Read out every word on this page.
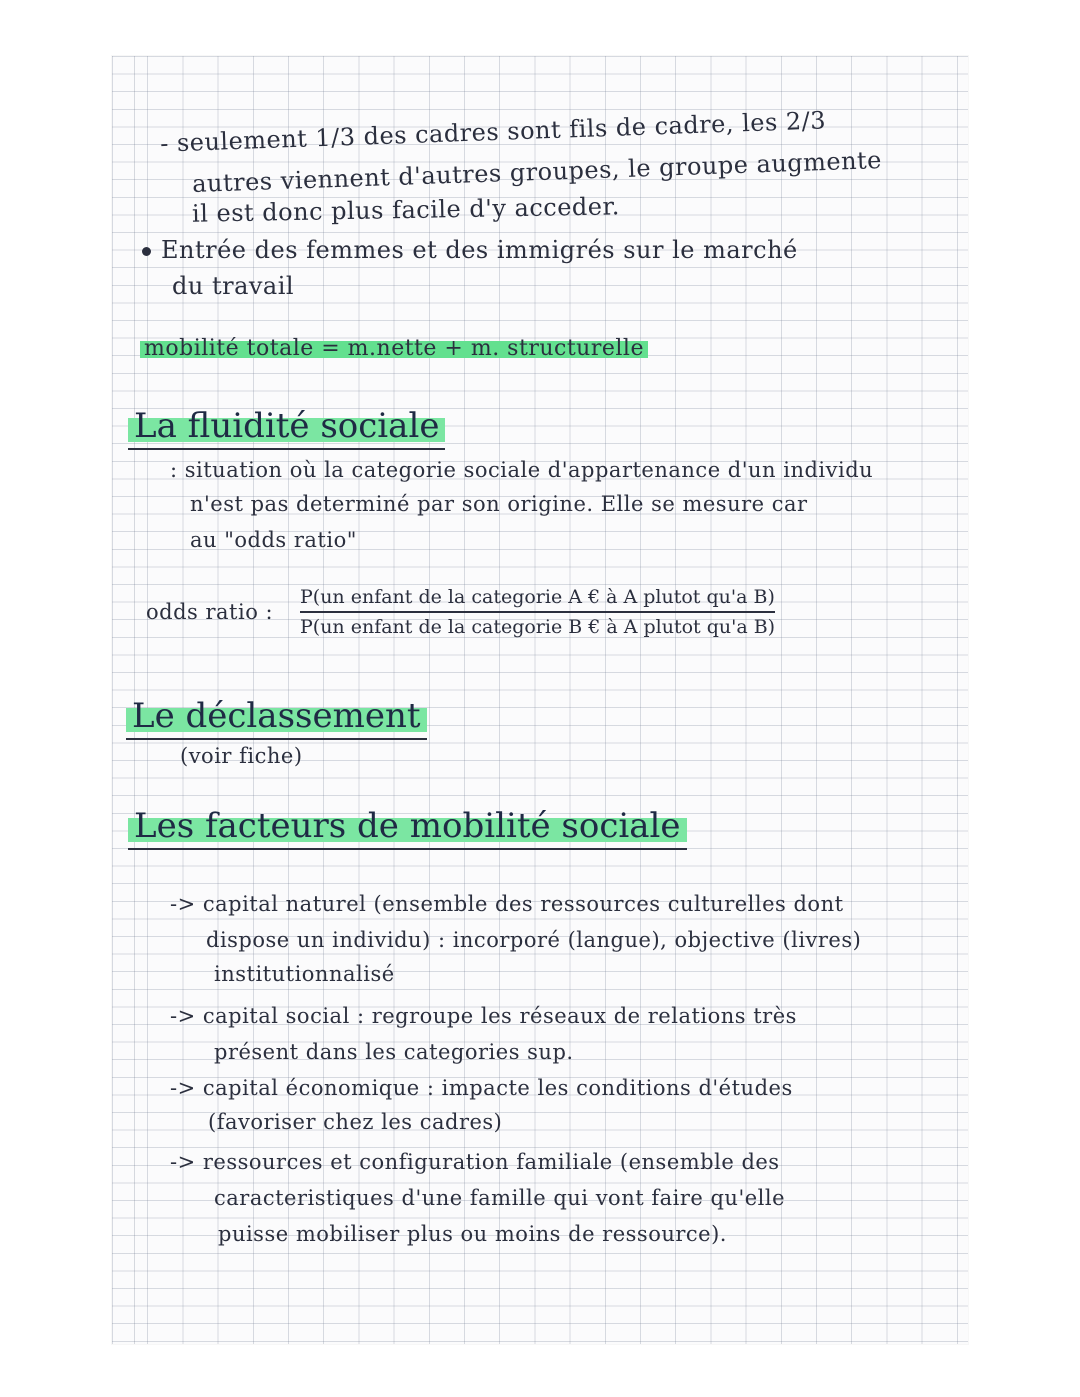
- seulement 1/3 des cadres sont fils de cadre, les 2/3
autres viennent d'autres groupes, le groupe augmente
il est donc plus facile d'y acceder.
Entrée des femmes et des immigrés sur le marché
du travail
mobilité totale = m.nette + m. structurelle
La fluidité sociale
: situation où la categorie sociale d'appartenance d'un individu
n'est pas determiné par son origine. Elle se mesure car
au "odds ratio"
odds ratio :
P(un enfant de la categorie A € à A plutot qu'a B)
P(un enfant de la categorie B € à A plutot qu'a B)
Le déclassement
(voir fiche)
Les facteurs de mobilité sociale
-> capital naturel (ensemble des ressources culturelles dont
dispose un individu) : incorporé (langue), objective (livres)
institutionnalisé
-> capital social : regroupe les réseaux de relations très
présent dans les categories sup.
-> capital économique : impacte les conditions d'études
(favoriser chez les cadres)
-> ressources et configuration familiale (ensemble des
caracteristiques d'une famille qui vont faire qu'elle
puisse mobiliser plus ou moins de ressource).
